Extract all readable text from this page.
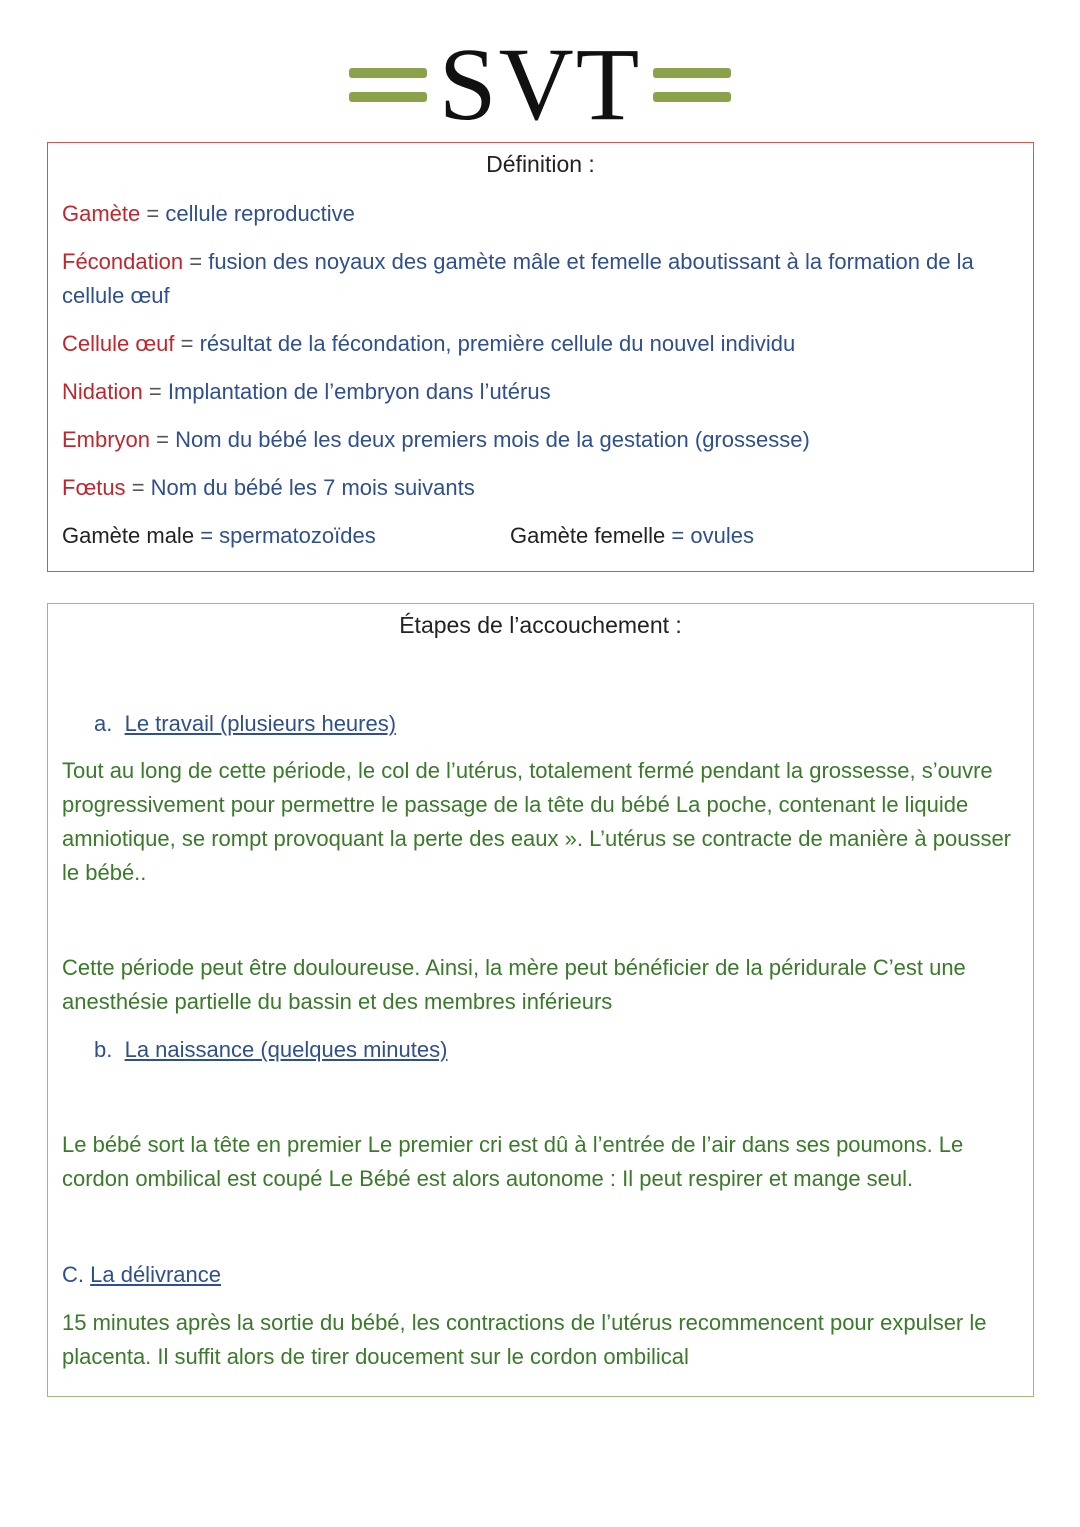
SVT
Définition :
Gamète = cellule reproductive
Fécondation = fusion des noyaux des gamète mâle et femelle aboutissant à la formation de la cellule œuf
Cellule œuf = résultat de la fécondation, première cellule du nouvel individu
Nidation = Implantation de l’embryon dans l’utérus
Embryon = Nom du bébé les deux premiers mois de la gestation (grossesse)
Fœtus = Nom du bébé les 7 mois suivants
Gamète male = spermatozoïdes	Gamète femelle = ovules
Étapes de l’accouchement :
a. Le travail (plusieurs heures)
Tout au long de cette période, le col de l’utérus, totalement fermé pendant la grossesse, s’ouvre progressivement pour permettre le passage de la tête du bébé La poche, contenant le liquide amniotique, se rompt provoquant la perte des eaux ». L’utérus se contracte de manière à pousser le bébé..
Cette période peut être douloureuse. Ainsi, la mère peut bénéficier de la péridurale C’est une anesthésie partielle du bassin et des membres inférieurs
b. La naissance (quelques minutes)
Le bébé sort la tête en premier Le premier cri est dû à l’entrée de l’air dans ses poumons. Le cordon ombilical est coupé Le Bébé est alors autonome : Il peut respirer et mange seul.
C. La délivrance
15 minutes après la sortie du bébé, les contractions de l’utérus recommencent pour expulser le placenta. Il suffit alors de tirer doucement sur le cordon ombilical
